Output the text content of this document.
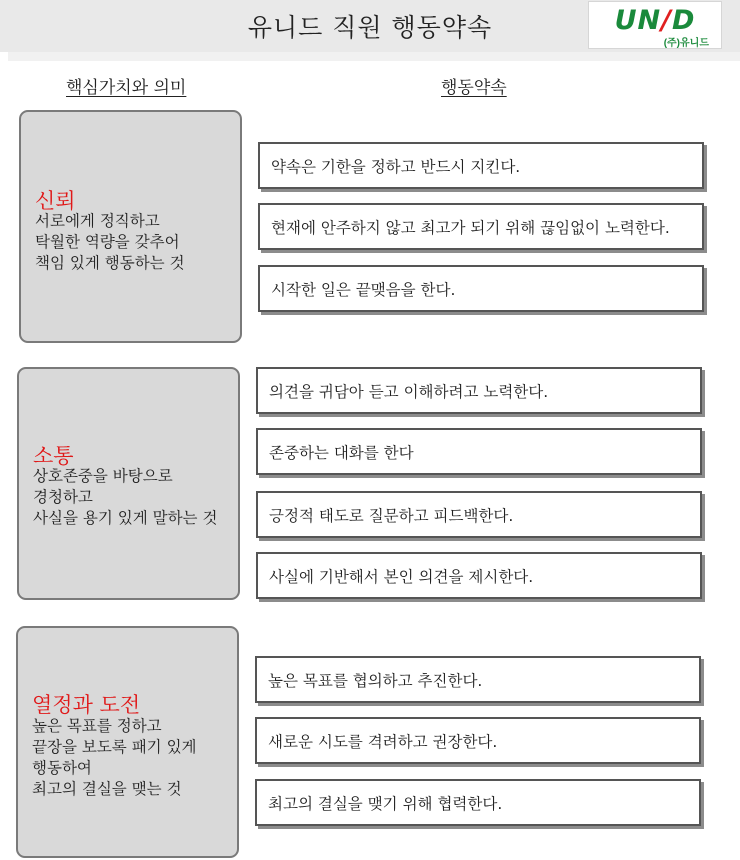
유니드 직원 행동약속	UN/D
(주)유니드
핵심가치와 의미	행동약속
신뢰
서로에게 정직하고
탁월한 역량을 갖추어
책임 있게 행동하는 것
약속은 기한을 정하고 반드시 지킨다.
현재에 안주하지 않고 최고가 되기 위해 끊임없이 노력한다.
시작한 일은 끝맺음을 한다.
소통
상호존중을 바탕으로
경청하고
사실을 용기 있게 말하는 것
의견을 귀담아 듣고 이해하려고 노력한다.
존중하는 대화를 한다
긍정적 태도로 질문하고 피드백한다.
사실에 기반해서 본인 의견을 제시한다.
열정과 도전
높은 목표를 정하고
끝장을 보도록 패기 있게
행동하여
최고의 결실을 맺는 것
높은 목표를 협의하고 추진한다.
새로운 시도를 격려하고 권장한다.
최고의 결실을 맺기 위해 협력한다.
